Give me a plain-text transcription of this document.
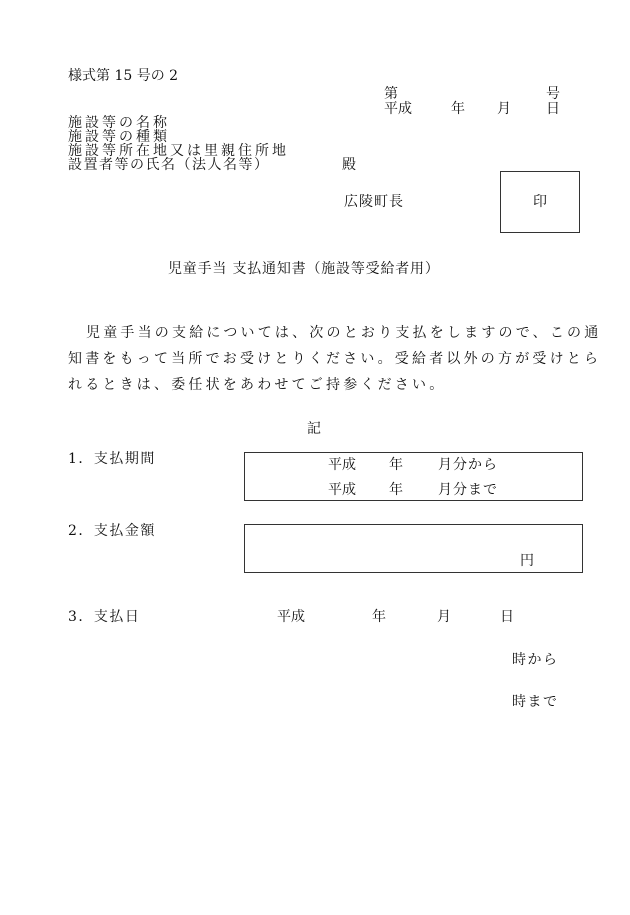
様式第 15 号の 2
第	号
平成	年 月	日
施設等の名称
施設等の種類
施設等所在地又は里親住所地
設置者等の氏名（法人名等）	殿
広陵町長	印
児童手当 支払通知書（施設等受給者用）
児童手当の支給については、次のとおり支払をしますので、この通
知書をもって当所でお受けとりください。受給者以外の方が受けとら
れるときは、委任状をあわせてご持参ください。
記
1．支払期間	平成 年	月分から
平成 年	月分まで
2．支払金額
円
3．支払日	平成	年	月	日
時から
時まで
